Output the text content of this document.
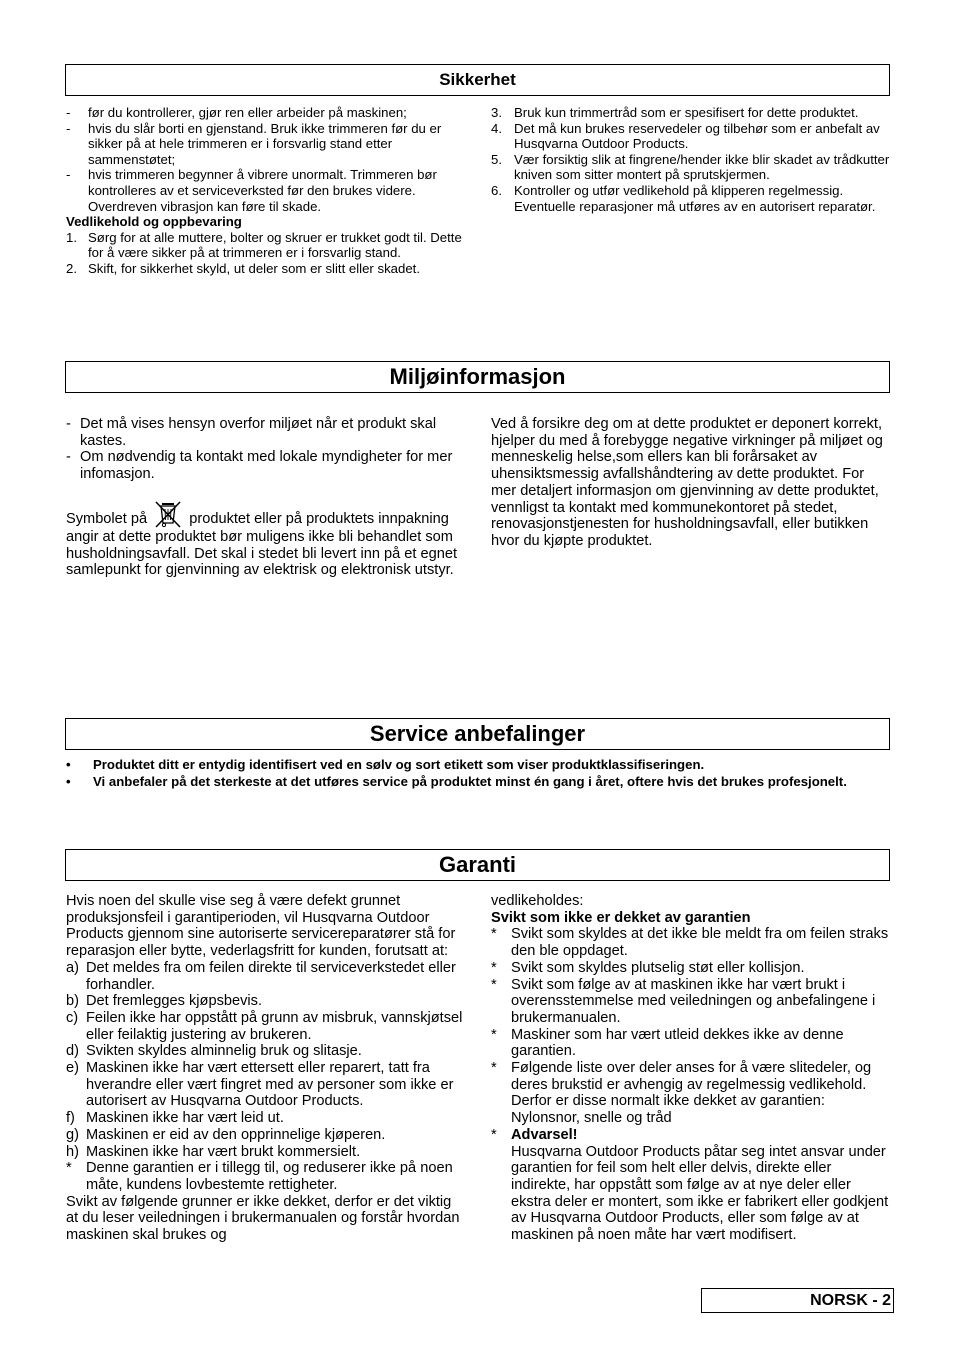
Sikkerhet
-	før du kontrollerer, gjør ren eller arbeider på maskinen;
-	hvis du slår borti en gjenstand. Bruk ikke trimmeren før du er sikker på at hele trimmeren er i forsvarlig stand etter sammenstøtet;
-	hvis trimmeren begynner å vibrere unormalt. Trimmeren bør kontrolleres av et serviceverksted før den brukes videre. Overdreven vibrasjon kan føre til skade.
Vedlikehold og oppbevaring
1. Sørg for at alle muttere, bolter og skruer er trukket godt til. Dette for å være sikker på at trimmeren er i forsvarlig stand.
2. Skift, for sikkerhet skyld, ut deler som er slitt eller skadet.
3. Bruk kun trimmertråd som er spesifisert for dette produktet.
4. Det må kun brukes reservedeler og tilbehør som er anbefalt av Husqvarna Outdoor Products.
5. Vær forsiktig slik at fingrene/hender ikke blir skadet av trådkutter kniven som sitter montert på sprutskjermen.
6. Kontroller og utfør vedlikehold på klipperen regelmessig. Eventuelle reparasjoner må utføres av en autorisert reparatør.
Miljøinformasjon
- Det må vises hensyn overfor miljøet når et produkt skal kastes.
- Om nødvendig ta kontakt med lokale myndigheter for mer infomasjon.
Symbolet på	produktet eller på produktets innpakning angir at dette produktet bør muligens ikke bli behandlet som husholdningsavfall. Det skal i stedet bli levert inn på et egnet samlepunkt for gjenvinning av elektrisk og elektronisk utstyr.
Ved å forsikre deg om at dette produktet er deponert korrekt, hjelper du med å forebygge negative virkninger på miljøet og menneskelig helse,som ellers kan bli forårsaket av uhensiktsmessig avfallshåndtering av dette produktet. For mer detaljert informasjon om gjenvinning av dette produktet, vennligst ta kontakt med kommunekontoret på stedet, renovasjonstjenesten for husholdningsavfall, eller butikken hvor du kjøpte produktet.
Service anbefalinger
•	Produktet ditt er entydig identifisert ved en sølv og sort etikett som viser produktklassifiseringen.
•	Vi anbefaler på det sterkeste at det utføres service på produktet minst én gang i året, oftere hvis det brukes profesjonelt.
Garanti
Hvis noen del skulle vise seg å være defekt grunnet produksjonsfeil i garantiperioden, vil Husqvarna Outdoor Products gjennom sine autoriserte servicereparatører stå for reparasjon eller bytte, vederlagsfritt for kunden, forutsatt at:
a) Det meldes fra om feilen direkte til serviceverkstedet eller forhandler.
b) Det fremlegges kjøpsbevis.
c) Feilen ikke har oppstått på grunn av misbruk, vannskjøtsel eller feilaktig justering av brukeren.
d) Svikten skyldes alminnelig bruk og slitasje.
e) Maskinen ikke har vært ettersett eller reparert, tatt fra hverandre eller vært fingret med av personer som ikke er autorisert av Husqvarna Outdoor Products.
f) Maskinen ikke har vært leid ut.
g) Maskinen er eid av den opprinnelige kjøperen.
h) Maskinen ikke har vært brukt kommersielt.
* Denne garantien er i tillegg til, og reduserer ikke på noen måte, kundens lovbestemte rettigheter.
Svikt av følgende grunner er ikke dekket, derfor er det viktig at du leser veiledningen i brukermanualen og forstår hvordan maskinen skal brukes og
vedlikeholdes:
Svikt som ikke er dekket av garantien
* Svikt som skyldes at det ikke ble meldt fra om feilen straks den ble oppdaget.
* Svikt som skyldes plutselig støt eller kollisjon.
* Svikt som følge av at maskinen ikke har vært brukt i overensstemmelse med veiledningen og anbefalingene i brukermanualen.
* Maskiner som har vært utleid dekkes ikke av denne garantien.
* Følgende liste over deler anses for å være slitedeler, og deres brukstid er avhengig av regelmessig vedlikehold. Derfor er disse normalt ikke dekket av garantien: Nylonsnor, snelle og tråd
* Advarsel!
Husqvarna Outdoor Products påtar seg intet ansvar under garantien for feil som helt eller delvis, direkte eller indirekte, har oppstått som følge av at nye deler eller ekstra deler er montert, som ikke er fabrikert eller godkjent av Husqvarna Outdoor Products, eller som følge av at maskinen på noen måte har vært modifisert.
NORSK - 2
